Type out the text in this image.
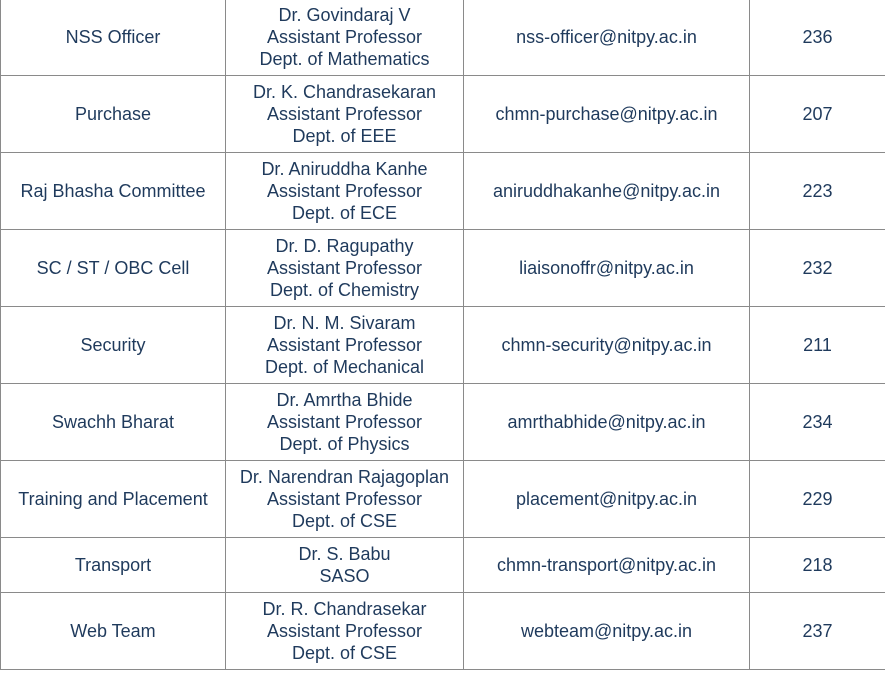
NSS Officer	Dr. Govindaraj V
Assistant Professor
Dept. of Mathematics	nss-officer@nitpy.ac.in	236
Purchase	Dr. K. Chandrasekaran
Assistant Professor
Dept. of EEE	chmn-purchase@nitpy.ac.in	207
Raj Bhasha Committee	Dr. Aniruddha Kanhe
Assistant Professor
Dept. of ECE	aniruddhakanhe@nitpy.ac.in	223
SC / ST / OBC Cell	Dr. D. Ragupathy
Assistant Professor
Dept. of Chemistry	liaisonoffr@nitpy.ac.in	232
Security	Dr. N. M. Sivaram
Assistant Professor
Dept. of Mechanical	chmn-security@nitpy.ac.in	211
Swachh Bharat	Dr. Amrtha Bhide
Assistant Professor
Dept. of Physics	amrthabhide@nitpy.ac.in	234
Training and Placement	Dr. Narendran Rajagoplan
Assistant Professor
Dept. of CSE	placement@nitpy.ac.in	229
Transport	Dr. S. Babu
SASO	chmn-transport@nitpy.ac.in	218
Web Team	Dr. R. Chandrasekar
Assistant Professor
Dept. of CSE	webteam@nitpy.ac.in	237
